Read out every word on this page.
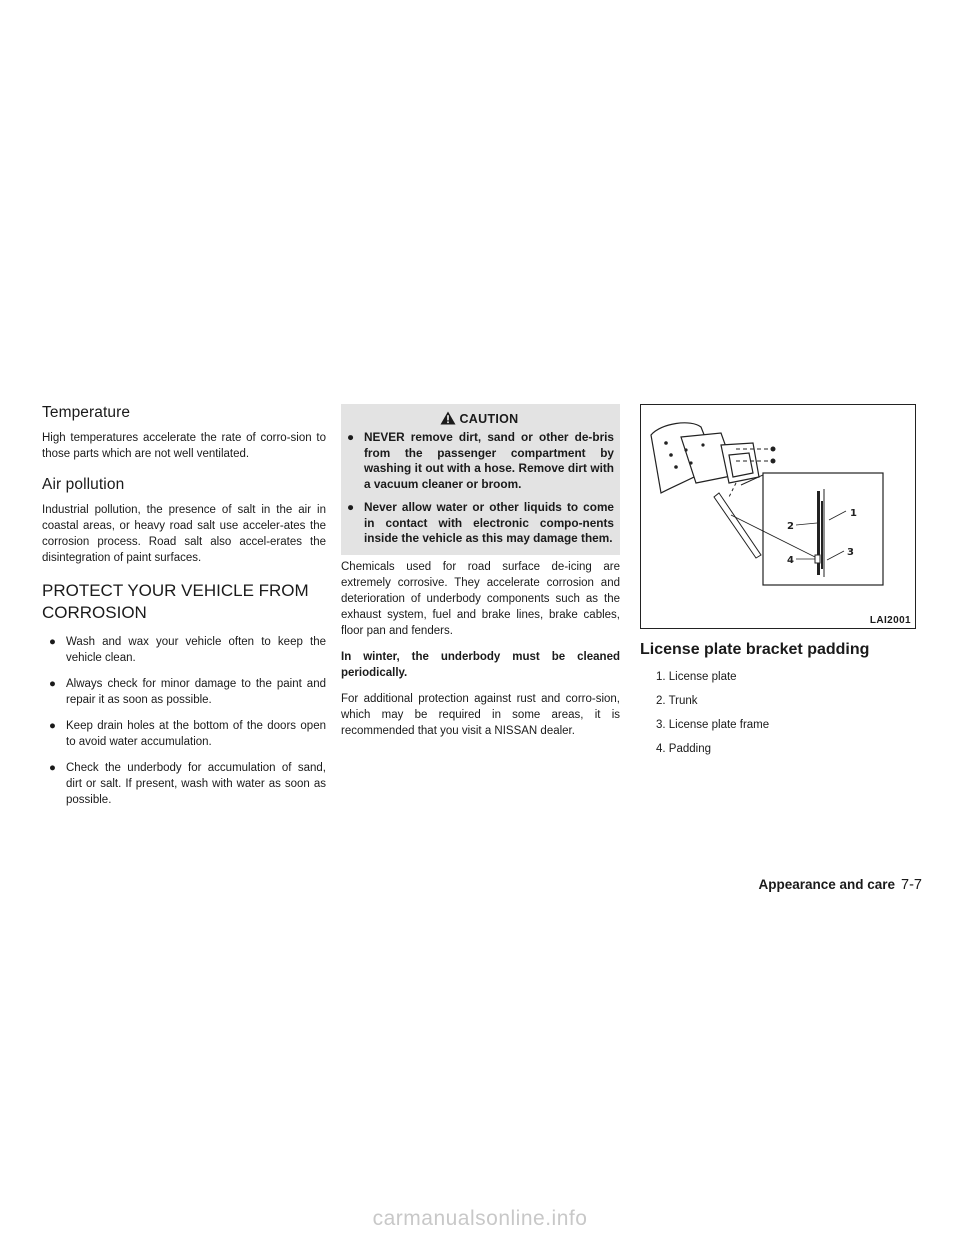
Temperature

High temperatures accelerate the rate of corro-sion to those parts which are not well ventilated.

Air pollution

Industrial pollution, the presence of salt in the air in coastal areas, or heavy road salt use acceler-ates the corrosion process. Road salt also accel-erates the disintegration of paint surfaces.

PROTECT YOUR VEHICLE FROM
CORROSION
● Wash and wax your vehicle often to keep the vehicle clean.
● Always check for minor damage to the paint and repair it as soon as possible.
● Keep drain holes at the bottom of the doors open to avoid water accumulation.
● Check the underbody for accumulation of sand, dirt or salt. If present, wash with water as soon as possible.
CAUTION
● NEVER remove dirt, sand or other de-bris from the passenger compartment by washing it out with a hose. Remove dirt with a vacuum cleaner or broom.
● Never allow water or other liquids to come in contact with electronic compo-nents inside the vehicle as this may damage them.

Chemicals used for road surface de-icing are extremely corrosive. They accelerate corrosion and deterioration of underbody components such as the exhaust system, fuel and brake lines, brake cables, floor pan and fenders.

In winter, the underbody must be cleaned periodically.

For additional protection against rust and corro-sion, which may be required in some areas, it is recommended that you visit a NISSAN dealer.

1
2
3
4
LAI2001
License plate bracket padding
1. License plate
2. Trunk
3. License plate frame
4. Padding
Appearance and care 7-7
carmanualsonline.info
